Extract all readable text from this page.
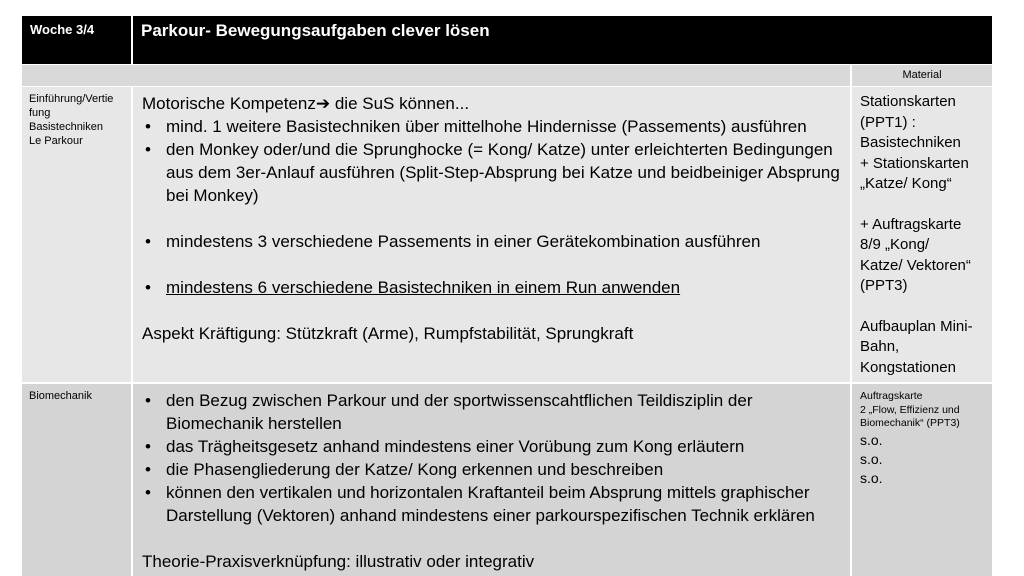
Woche 3/4	Parkour- Bewegungsaufgaben clever lösen
Material
Einführung/Vertie
fung
Basistechniken
Le Parkour
Motorische Kompetenz➔ die SuS können...
• mind. 1 weitere Basistechniken über mittelhohe Hindernisse (Passements) ausführen
• den Monkey oder/und die Sprunghocke (= Kong/ Katze) unter erleichterten Bedingungen aus dem 3er-Anlauf ausführen (Split-Step-Absprung bei Katze und beidbeiniger Absprung bei Monkey)
• mindestens 3 verschiedene Passements in einer Gerätekombination ausführen
• mindestens 6 verschiedene Basistechniken in einem Run anwenden
Aspekt Kräftigung: Stützkraft (Arme), Rumpfstabilität, Sprungkraft
Stationskarten
(PPT1) :
Basistechniken
+ Stationskarten
„Katze/ Kong“
+ Auftragskarte
8/9 „Kong/
Katze/ Vektoren“
(PPT3)
Aufbauplan Mini-
Bahn,
Kongstationen
Biomechanik
•	den Bezug zwischen Parkour und der sportwissenscahtflichen Teildisziplin der Biomechanik herstellen
• das Trägheitsgesetz anhand mindestens einer Vorübung zum Kong erläutern
• die Phasengliederung der Katze/ Kong erkennen und beschreiben
• können den vertikalen und horizontalen Kraftanteil beim Absprung mittels graphischer Darstellung (Vektoren) anhand mindestens einer parkourspezifischen Technik erklären
Theorie-Praxisverknüpfung: illustrativ oder integrativ
Auftragskarte
2 „Flow, Effizienz und
Biomechanik“ (PPT3)
s.o.
s.o.
s.o.
